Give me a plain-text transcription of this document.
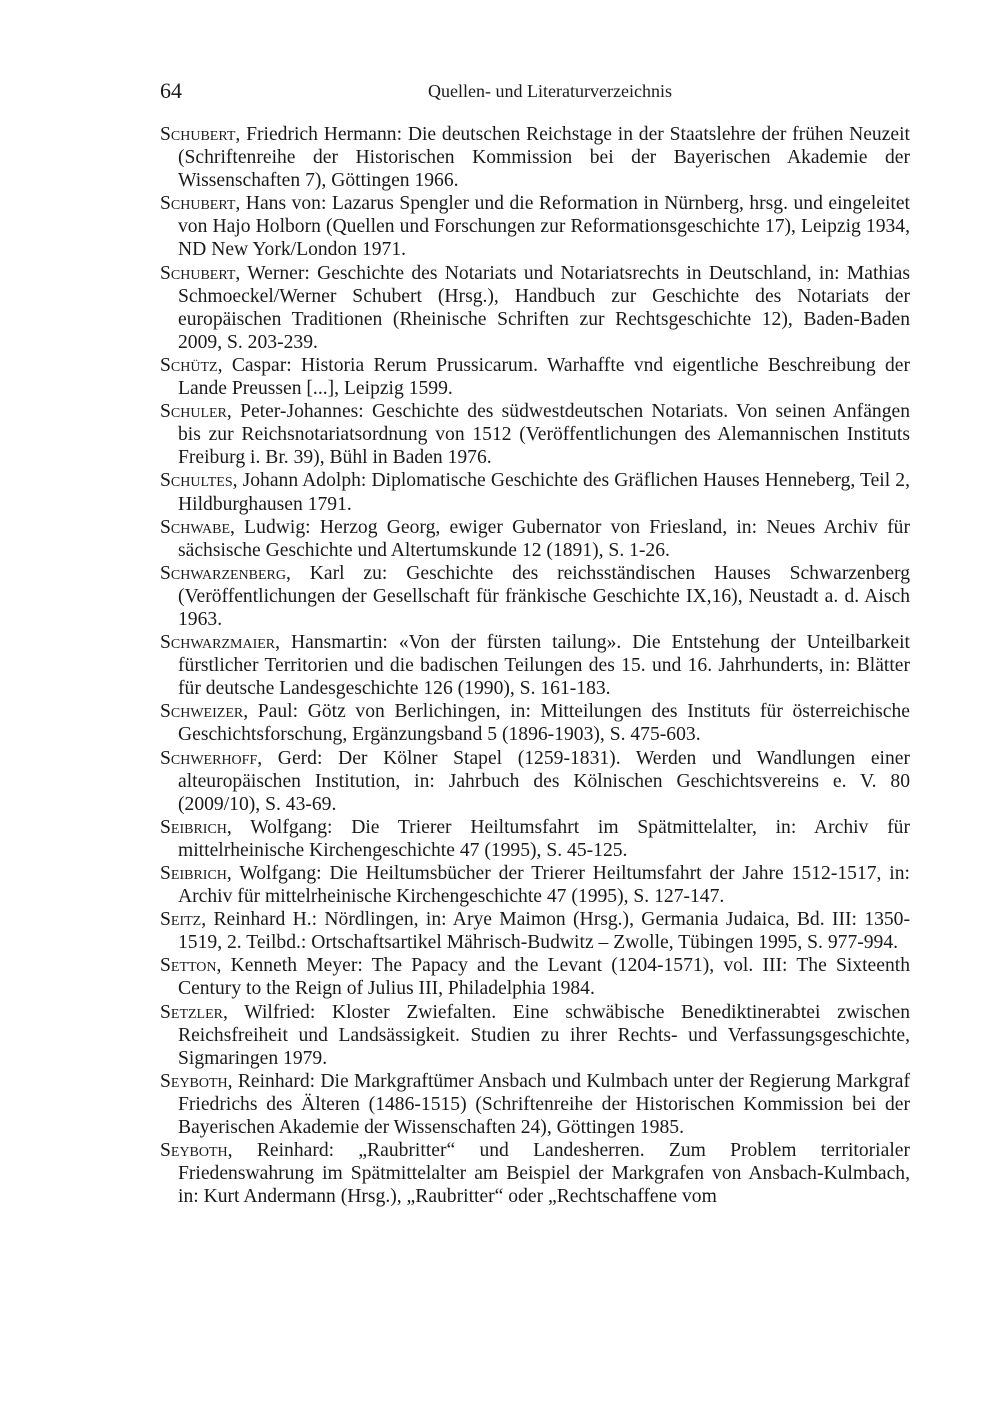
64	Quellen- und Literaturverzeichnis
Schubert, Friedrich Hermann: Die deutschen Reichstage in der Staatslehre der frühen Neuzeit (Schriftenreihe der Historischen Kommission bei der Bayerischen Akademie der Wissenschaften 7), Göttingen 1966.
Schubert, Hans von: Lazarus Spengler und die Reformation in Nürnberg, hrsg. und eingeleitet von Hajo Holborn (Quellen und Forschungen zur Reformationsgeschichte 17), Leipzig 1934, ND New York/London 1971.
Schubert, Werner: Geschichte des Notariats und Notariatsrechts in Deutschland, in: Mathias Schmoeckel/Werner Schubert (Hrsg.), Handbuch zur Geschichte des Notariats der europäischen Traditionen (Rheinische Schriften zur Rechtsgeschichte 12), Baden-Baden 2009, S. 203-239.
Schütz, Caspar: Historia Rerum Prussicarum. Warhaffte vnd eigentliche Beschreibung der Lande Preussen [...], Leipzig 1599.
Schuler, Peter-Johannes: Geschichte des südwestdeutschen Notariats. Von seinen Anfängen bis zur Reichsnotariatsordnung von 1512 (Veröffentlichungen des Alemannischen Instituts Freiburg i. Br. 39), Bühl in Baden 1976.
Schultes, Johann Adolph: Diplomatische Geschichte des Gräflichen Hauses Henneberg, Teil 2, Hildburghausen 1791.
Schwabe, Ludwig: Herzog Georg, ewiger Gubernator von Friesland, in: Neues Archiv für sächsische Geschichte und Altertumskunde 12 (1891), S. 1-26.
Schwarzenberg, Karl zu: Geschichte des reichsständischen Hauses Schwarzenberg (Veröffentlichungen der Gesellschaft für fränkische Geschichte IX,16), Neustadt a. d. Aisch 1963.
Schwarzmaier, Hansmartin: «Von der fürsten tailung». Die Entstehung der Unteilbarkeit fürstlicher Territorien und die badischen Teilungen des 15. und 16. Jahrhunderts, in: Blätter für deutsche Landesgeschichte 126 (1990), S. 161-183.
Schweizer, Paul: Götz von Berlichingen, in: Mitteilungen des Instituts für österreichische Geschichtsforschung, Ergänzungsband 5 (1896-1903), S. 475-603.
Schwerhoff, Gerd: Der Kölner Stapel (1259-1831). Werden und Wandlungen einer alteuropäischen Institution, in: Jahrbuch des Kölnischen Geschichtsvereins e. V. 80 (2009/10), S. 43-69.
Seibrich, Wolfgang: Die Trierer Heiltumsfahrt im Spätmittelalter, in: Archiv für mittelrheinische Kirchengeschichte 47 (1995), S. 45-125.
Seibrich, Wolfgang: Die Heiltumsbücher der Trierer Heiltumsfahrt der Jahre 1512-1517, in: Archiv für mittelrheinische Kirchengeschichte 47 (1995), S. 127-147.
Seitz, Reinhard H.: Nördlingen, in: Arye Maimon (Hrsg.), Germania Judaica, Bd. III: 1350-1519, 2. Teilbd.: Ortschaftsartikel Mährisch-Budwitz – Zwolle, Tübingen 1995, S. 977-994.
Setton, Kenneth Meyer: The Papacy and the Levant (1204-1571), vol. III: The Sixteenth Century to the Reign of Julius III, Philadelphia 1984.
Setzler, Wilfried: Kloster Zwiefalten. Eine schwäbische Benediktinerabtei zwischen Reichsfreiheit und Landsässigkeit. Studien zu ihrer Rechts- und Verfassungsgeschichte, Sigmaringen 1979.
Seyboth, Reinhard: Die Markgraftümer Ansbach und Kulmbach unter der Regierung Markgraf Friedrichs des Älteren (1486-1515) (Schriftenreihe der Historischen Kommission bei der Bayerischen Akademie der Wissenschaften 24), Göttingen 1985.
Seyboth, Reinhard: „Raubritter“ und Landesherren. Zum Problem territorialer Friedenswahrung im Spätmittelalter am Beispiel der Markgrafen von Ansbach-Kulmbach, in: Kurt Andermann (Hrsg.), „Raubritter“ oder „Rechtschaffene vom
